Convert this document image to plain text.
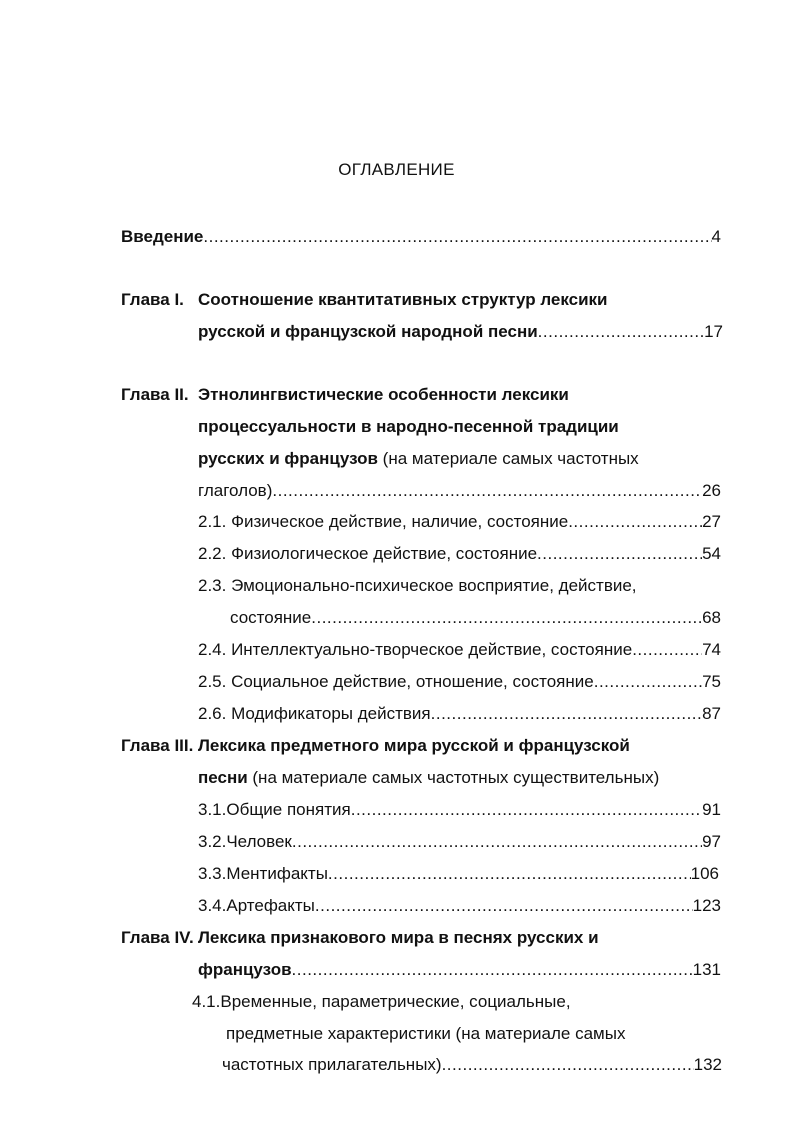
ОГЛАВЛЕНИЕ
Введение .....	4
Глава I. Соотношение квантитативных структур лексики
русской и французской народной песни .....	17
Глава II. Этнолингвистические особенности лексики
процессуальности в народно-песенной традиции
русских и французов (на материале самых частотных
глаголов) .....	26
2.1. Физическое действие, наличие, состояние .....	27
2.2. Физиологическое действие, состояние .....	54
2.3. Эмоционально-психическое восприятие, действие,
состояние .....	68
2.4. Интеллектуально-творческое действие, состояние .....	74
2.5. Социальное действие, отношение, состояние .....	75
2.6. Модификаторы действия .....	87
Глава III. Лексика предметного мира русской и французской
песни (на материале самых частотных существительных)
3.1.Общие понятия .....	91
3.2.Человек .....	97
3.3.Ментифакты .....	106
3.4.Артефакты .....	123
Глава IV. Лексика признакового мира в песнях русских и
французов .....	131
4.1.Временные, параметрические, социальные,
предметные характеристики (на материале самых
частотных прилагательных) .....	132
